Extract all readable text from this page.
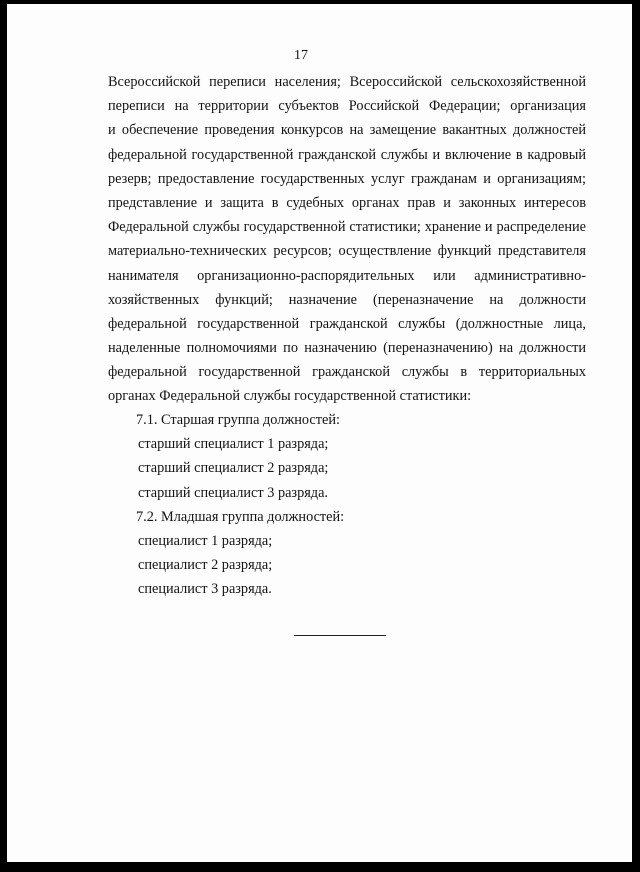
17
Всероссийской переписи населения; Всероссийской сельскохозяйственной
переписи на территории субъектов Российской Федерации; организация
и обеспечение проведения конкурсов на замещение вакантных должностей
федеральной государственной гражданской службы и включение в кадровый
резерв; предоставление государственных услуг гражданам и организациям;
представление и защита в судебных органах прав и законных интересов
Федеральной службы государственной статистики; хранение и распределение
материально-технических ресурсов; осуществление функций представителя
нанимателя организационно-распорядительных или административно-
хозяйственных функций; назначение (переназначение на должности
федеральной государственной гражданской службы (должностные лица,
наделенные полномочиями по назначению (переназначению) на должности
федеральной государственной гражданской службы в территориальных
органах Федеральной службы государственной статистики:
7.1. Старшая группа должностей:
старший специалист 1 разряда;
старший специалист 2 разряда;
старший специалист 3 разряда.
7.2. Младшая группа должностей:
специалист 1 разряда;
специалист 2 разряда;
специалист 3 разряда.
